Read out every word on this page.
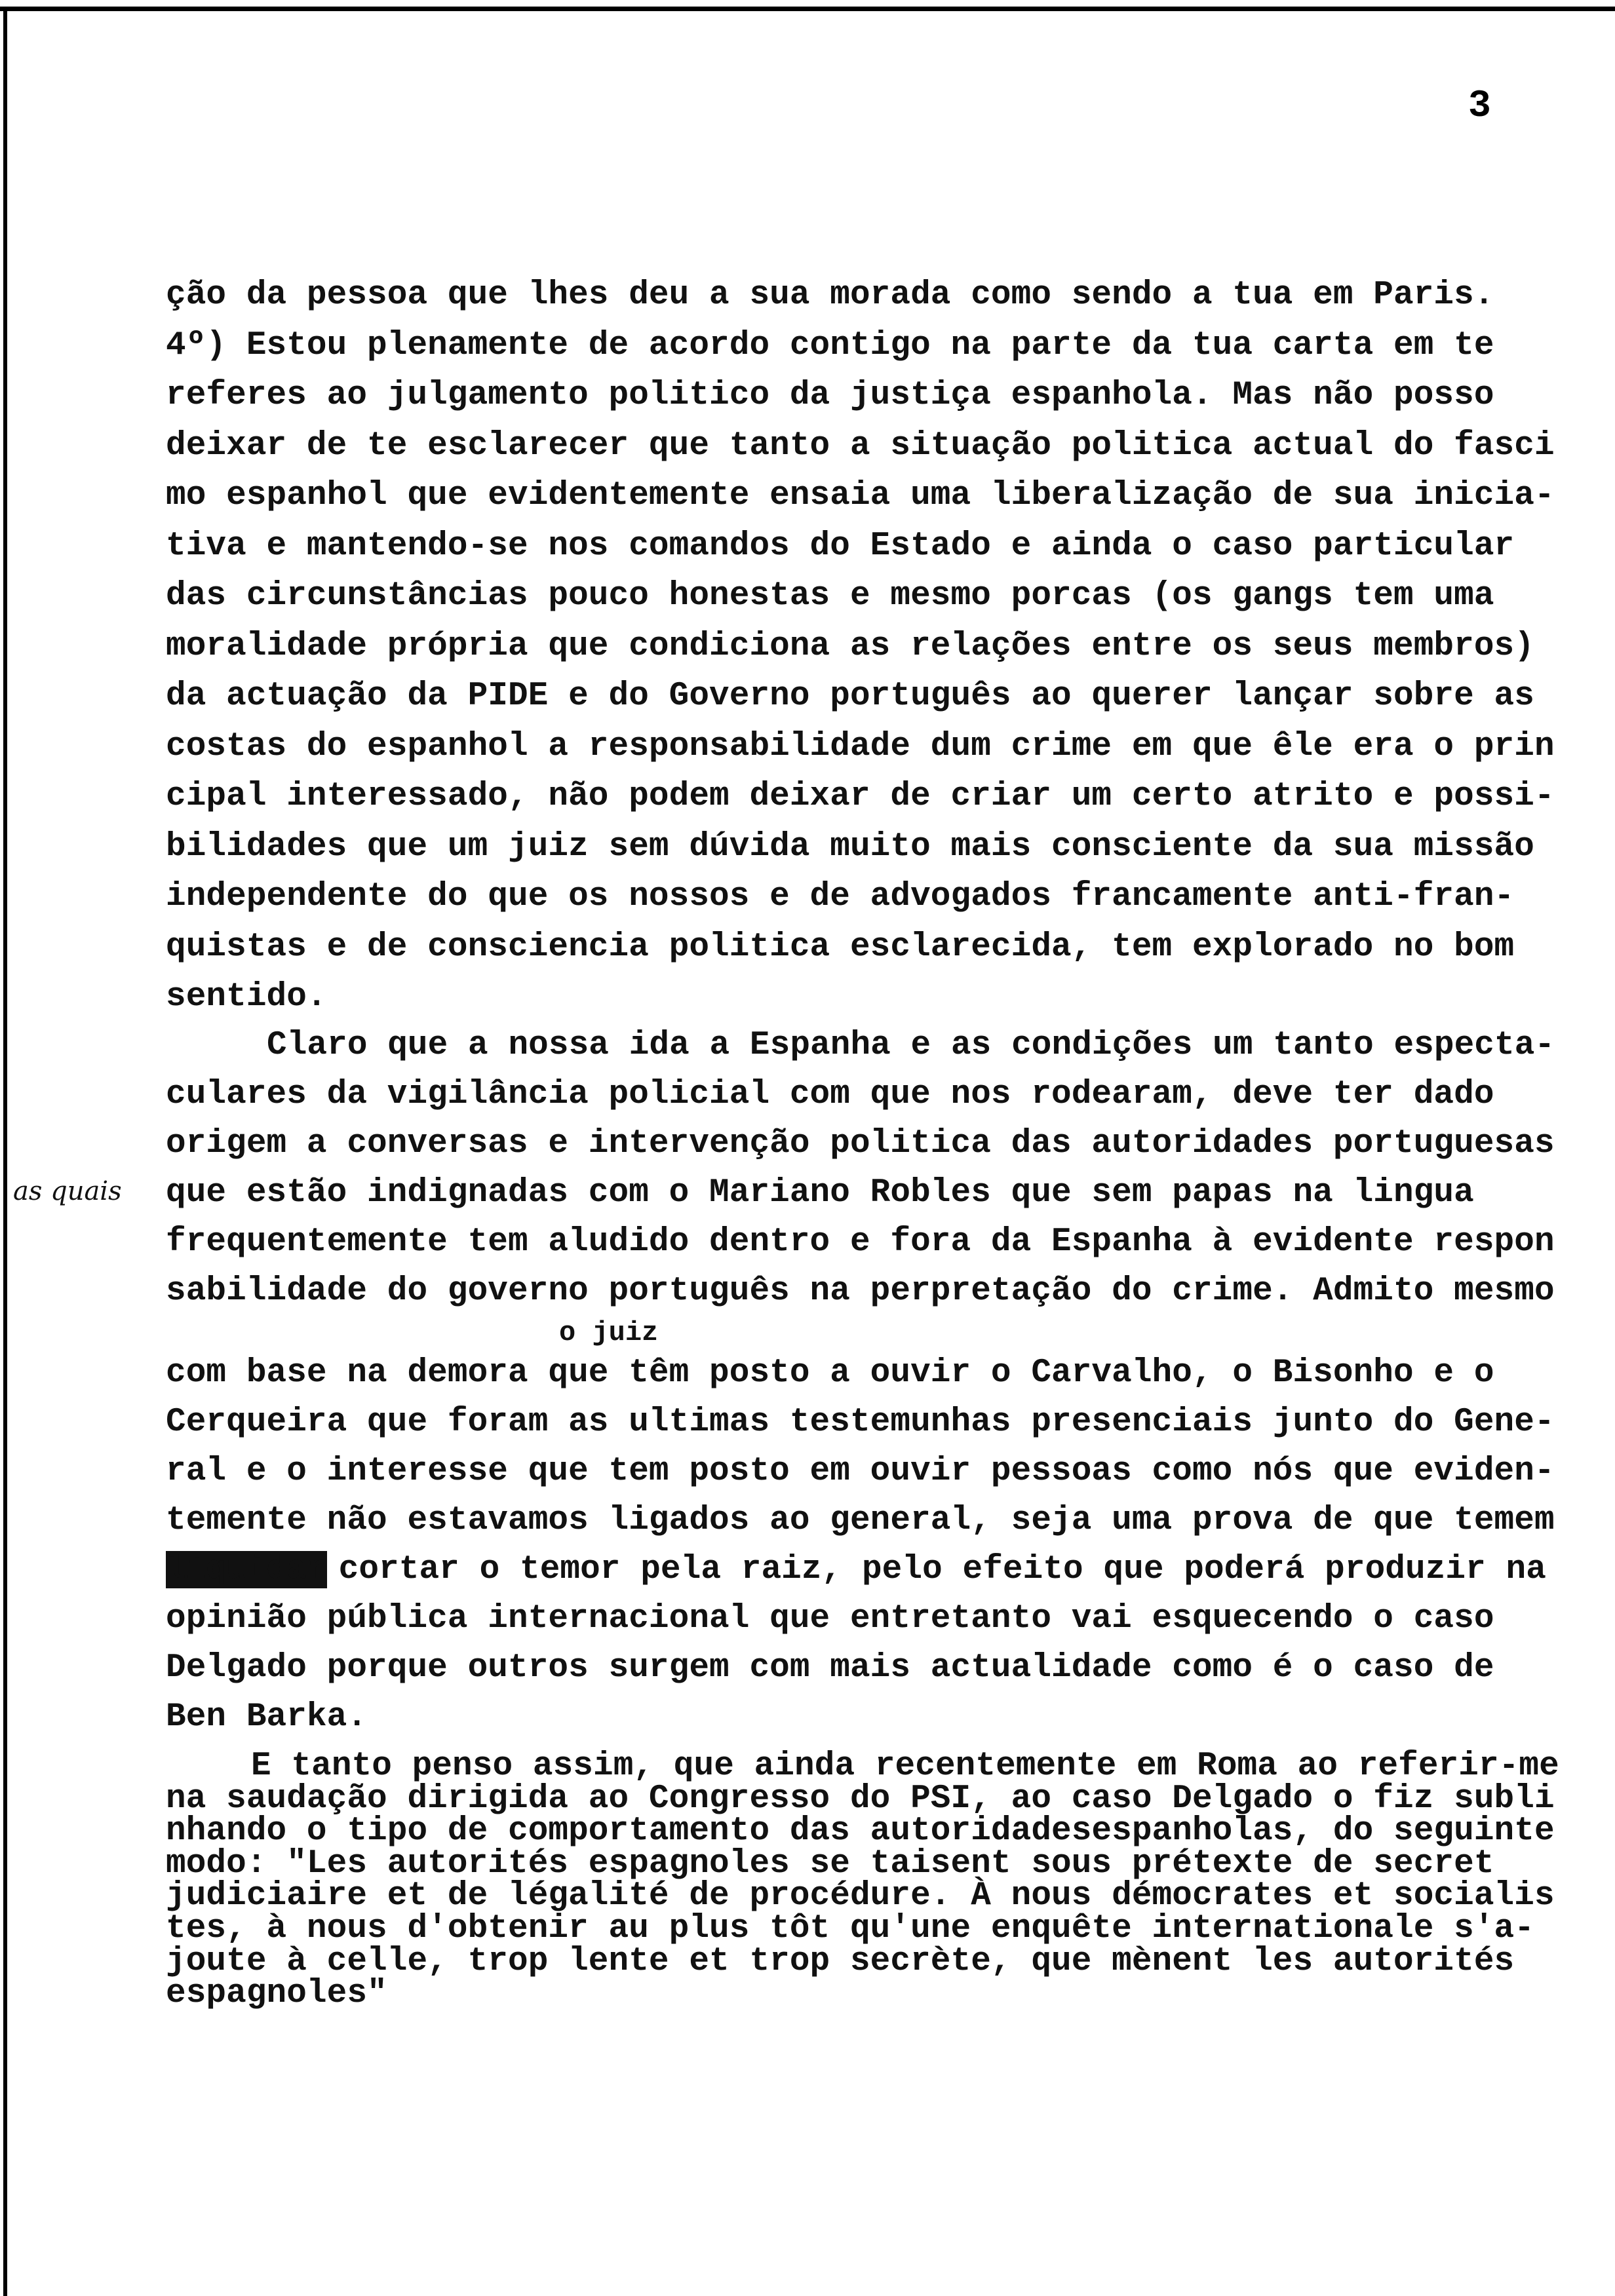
3
ção da pessoa que lhes deu a sua morada como sendo a tua em Paris.
4º) Estou plenamente de acordo contigo na parte da tua carta em te
referes ao julgamento politico da justiça espanhola. Mas não posso
deixar de te esclarecer que tanto a situação politica actual do fasci
mo espanhol que evidentemente ensaia uma liberalização de sua inicia-
tiva e mantendo-se nos comandos do Estado e ainda o caso particular
das circunstâncias pouco honestas e mesmo porcas (os gangs tem uma
moralidade própria que condiciona as relações entre os seus membros)
da actuação da PIDE e do Governo português ao querer lançar sobre as
costas do espanhol a responsabilidade dum crime em que êle era o prin
cipal interessado, não podem deixar de criar um certo atrito e possi-
bilidades que um juiz sem dúvida muito mais consciente da sua missão
independente do que os nossos e de advogados francamente anti-fran-
quistas e de consciencia politica esclarecida, tem explorado no bom
sentido.
Claro que a nossa ida a Espanha e as condições um tanto especta-
culares da vigilância policial com que nos rodearam, deve ter dado
origem a conversas e intervenção politica das autoridades portuguesas
que estão indignadas com o Mariano Robles que sem papas na lingua
frequentemente tem aludido dentro e fora da Espanha à evidente respon
sabilidade do governo português na perpretação do crime. Admito mesmo
com base na demora que têm posto a ouvir o Carvalho, o Bisonho e o
Cerqueira que foram as ultimas testemunhas presenciais junto do Gene-
ral e o interesse que tem posto em ouvir pessoas como nós que eviden-
temente não estavamos ligados ao general, seja uma prova de que temem
liquidar cortar o temor pela raiz, pelo efeito que poderá produzir na
opinião pública internacional que entretanto vai esquecendo o caso
Delgado porque outros surgem com mais actualidade como é o caso de
Ben Barka.
E tanto penso assim, que ainda recentemente em Roma ao referir-me
na saudação dirigida ao Congresso do PSI, ao caso Delgado o fiz subli
nhando o tipo de comportamento das autoridadesespanholas, do seguinte
modo: "Les autorités espagnoles se taisent sous prétexte de secret
judiciaire et de légalité de procédure. À nous démocrates et socialis
tes, à nous d'obtenir au plus tôt qu'une enquête internationale s'a-
joute à celle, trop lente et trop secrète, que mènent les autorités
espagnoles"
o juiz
as quais
